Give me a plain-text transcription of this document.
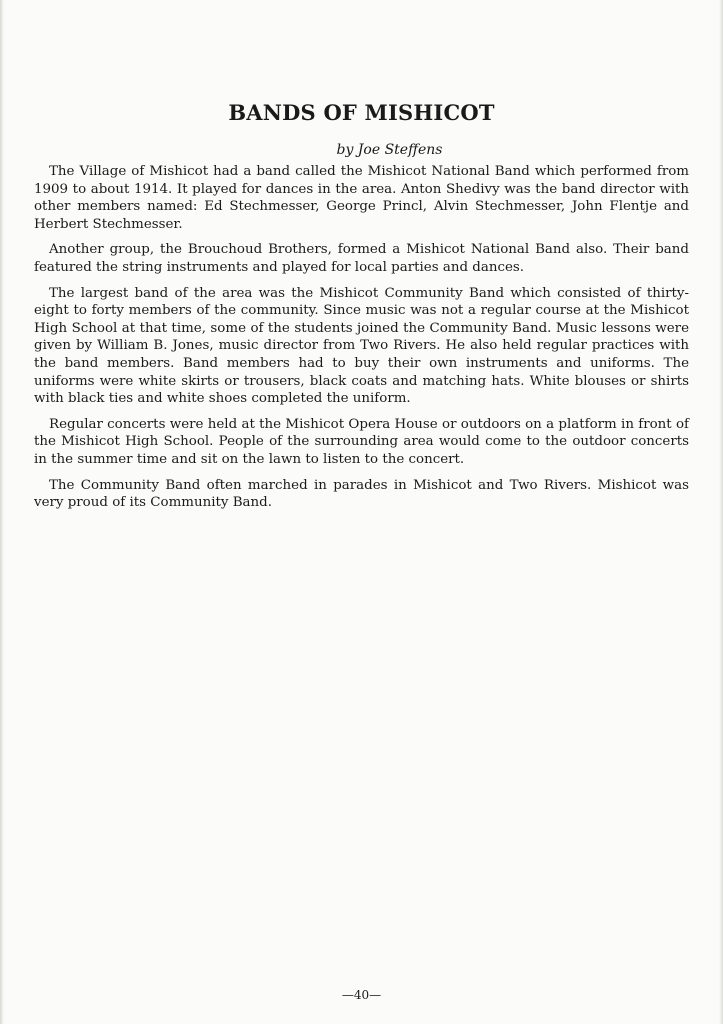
BANDS OF MISHICOT

by Joe Steffens

The Village of Mishicot had a band called the Mishicot National Band which performed from 1909 to about 1914. It played for dances in the area. Anton Shedivy was the band director with other members named: Ed Stechmesser, George Princl, Alvin Stechmesser, John Flentje and Herbert Stechmesser.

Another group, the Brouchoud Brothers, formed a Mishicot National Band also. Their band featured the string instruments and played for local parties and dances.

The largest band of the area was the Mishicot Community Band which consisted of thirty-eight to forty members of the community. Since music was not a regular course at the Mishicot High School at that time, some of the students joined the Community Band. Music lessons were given by William B. Jones, music director from Two Rivers. He also held regular practices with the band members. Band members had to buy their own instruments and uniforms. The uniforms were white skirts or trousers, black coats and matching hats. White blouses or shirts with black ties and white shoes completed the uniform.

Regular concerts were held at the Mishicot Opera House or outdoors on a platform in front of the Mishicot High School. People of the surrounding area would come to the outdoor concerts in the summer time and sit on the lawn to listen to the concert.

The Community Band often marched in parades in Mishicot and Two Rivers. Mishicot was very proud of its Community Band.

—40—
